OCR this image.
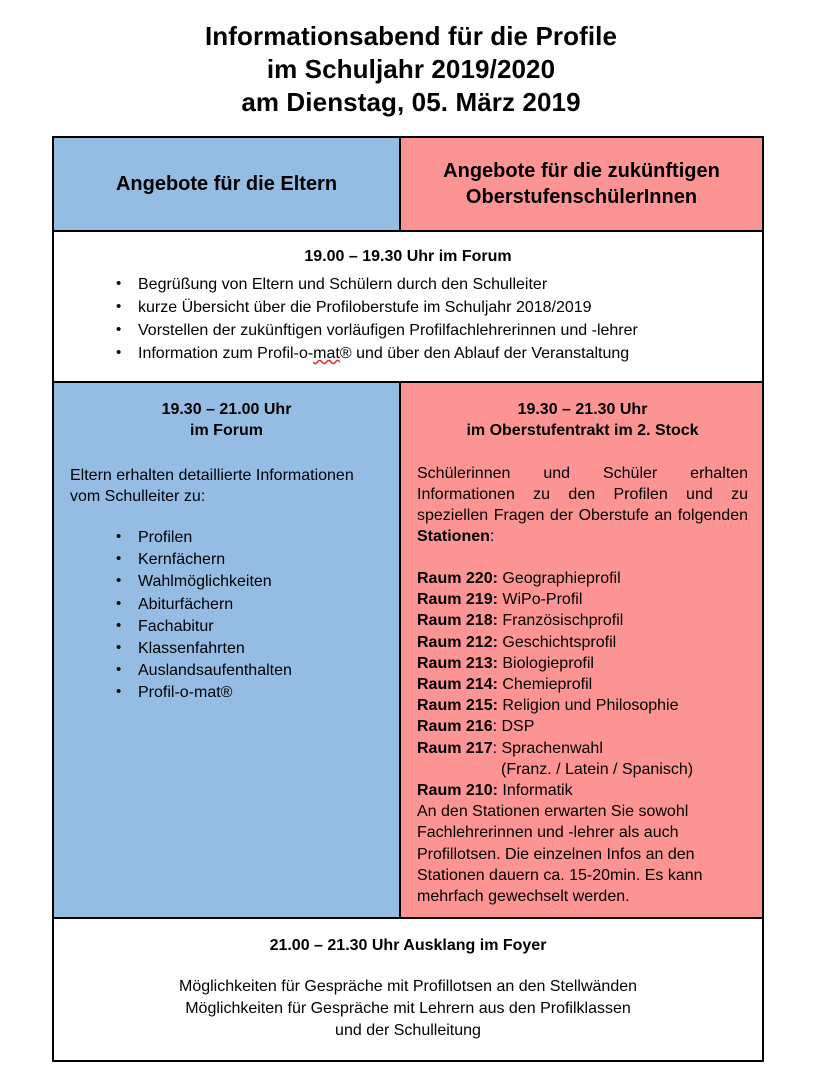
Informationsabend für die Profile
im Schuljahr 2019/2020
am Dienstag, 05. März 2019
Angebote für die Eltern	Angebote für die zukünftigen
OberstufenschülerInnen

19.00 – 19.30 Uhr im Forum
• Begrüßung von Eltern und Schülern durch den Schulleiter
• kurze Übersicht über die Profiloberstufe im Schuljahr 2018/2019
• Vorstellen der zukünftigen vorläufigen Profilfachlehrerinnen und -lehrer
• Information zum Profil-o-mat® und über den Ablauf der Veranstaltung

19.30 – 21.00 Uhr
im Forum

Eltern erhalten detaillierte Informationen vom Schulleiter zu:

• Profilen
• Kernfächern
• Wahlmöglichkeiten
• Abiturfächern
• Fachabitur
• Klassenfahrten
• Auslandsaufenthalten
• Profil-o-mat®

19.30 – 21.30 Uhr
im Oberstufentrakt im 2. Stock

Schülerinnen und Schüler erhalten Informationen zu den Profilen und zu speziellen Fragen der Oberstufe an folgenden Stationen:

Raum 220: Geographieprofil
Raum 219: WiPo-Profil
Raum 218: Französischprofil
Raum 212: Geschichtsprofil
Raum 213: Biologieprofil
Raum 214: Chemieprofil
Raum 215: Religion und Philosophie
Raum 216: DSP
Raum 217: Sprachenwahl
(Franz. / Latein / Spanisch)
Raum 210: Informatik
An den Stationen erwarten Sie sowohl
Fachlehrerinnen und -lehrer als auch
Profillotsen. Die einzelnen Infos an den
Stationen dauern ca. 15-20min. Es kann
mehrfach gewechselt werden.

21.00 – 21.30 Uhr Ausklang im Foyer
Möglichkeiten für Gespräche mit Profillotsen an den Stellwänden
Möglichkeiten für Gespräche mit Lehrern aus den Profilklassen
und der Schulleitung	
